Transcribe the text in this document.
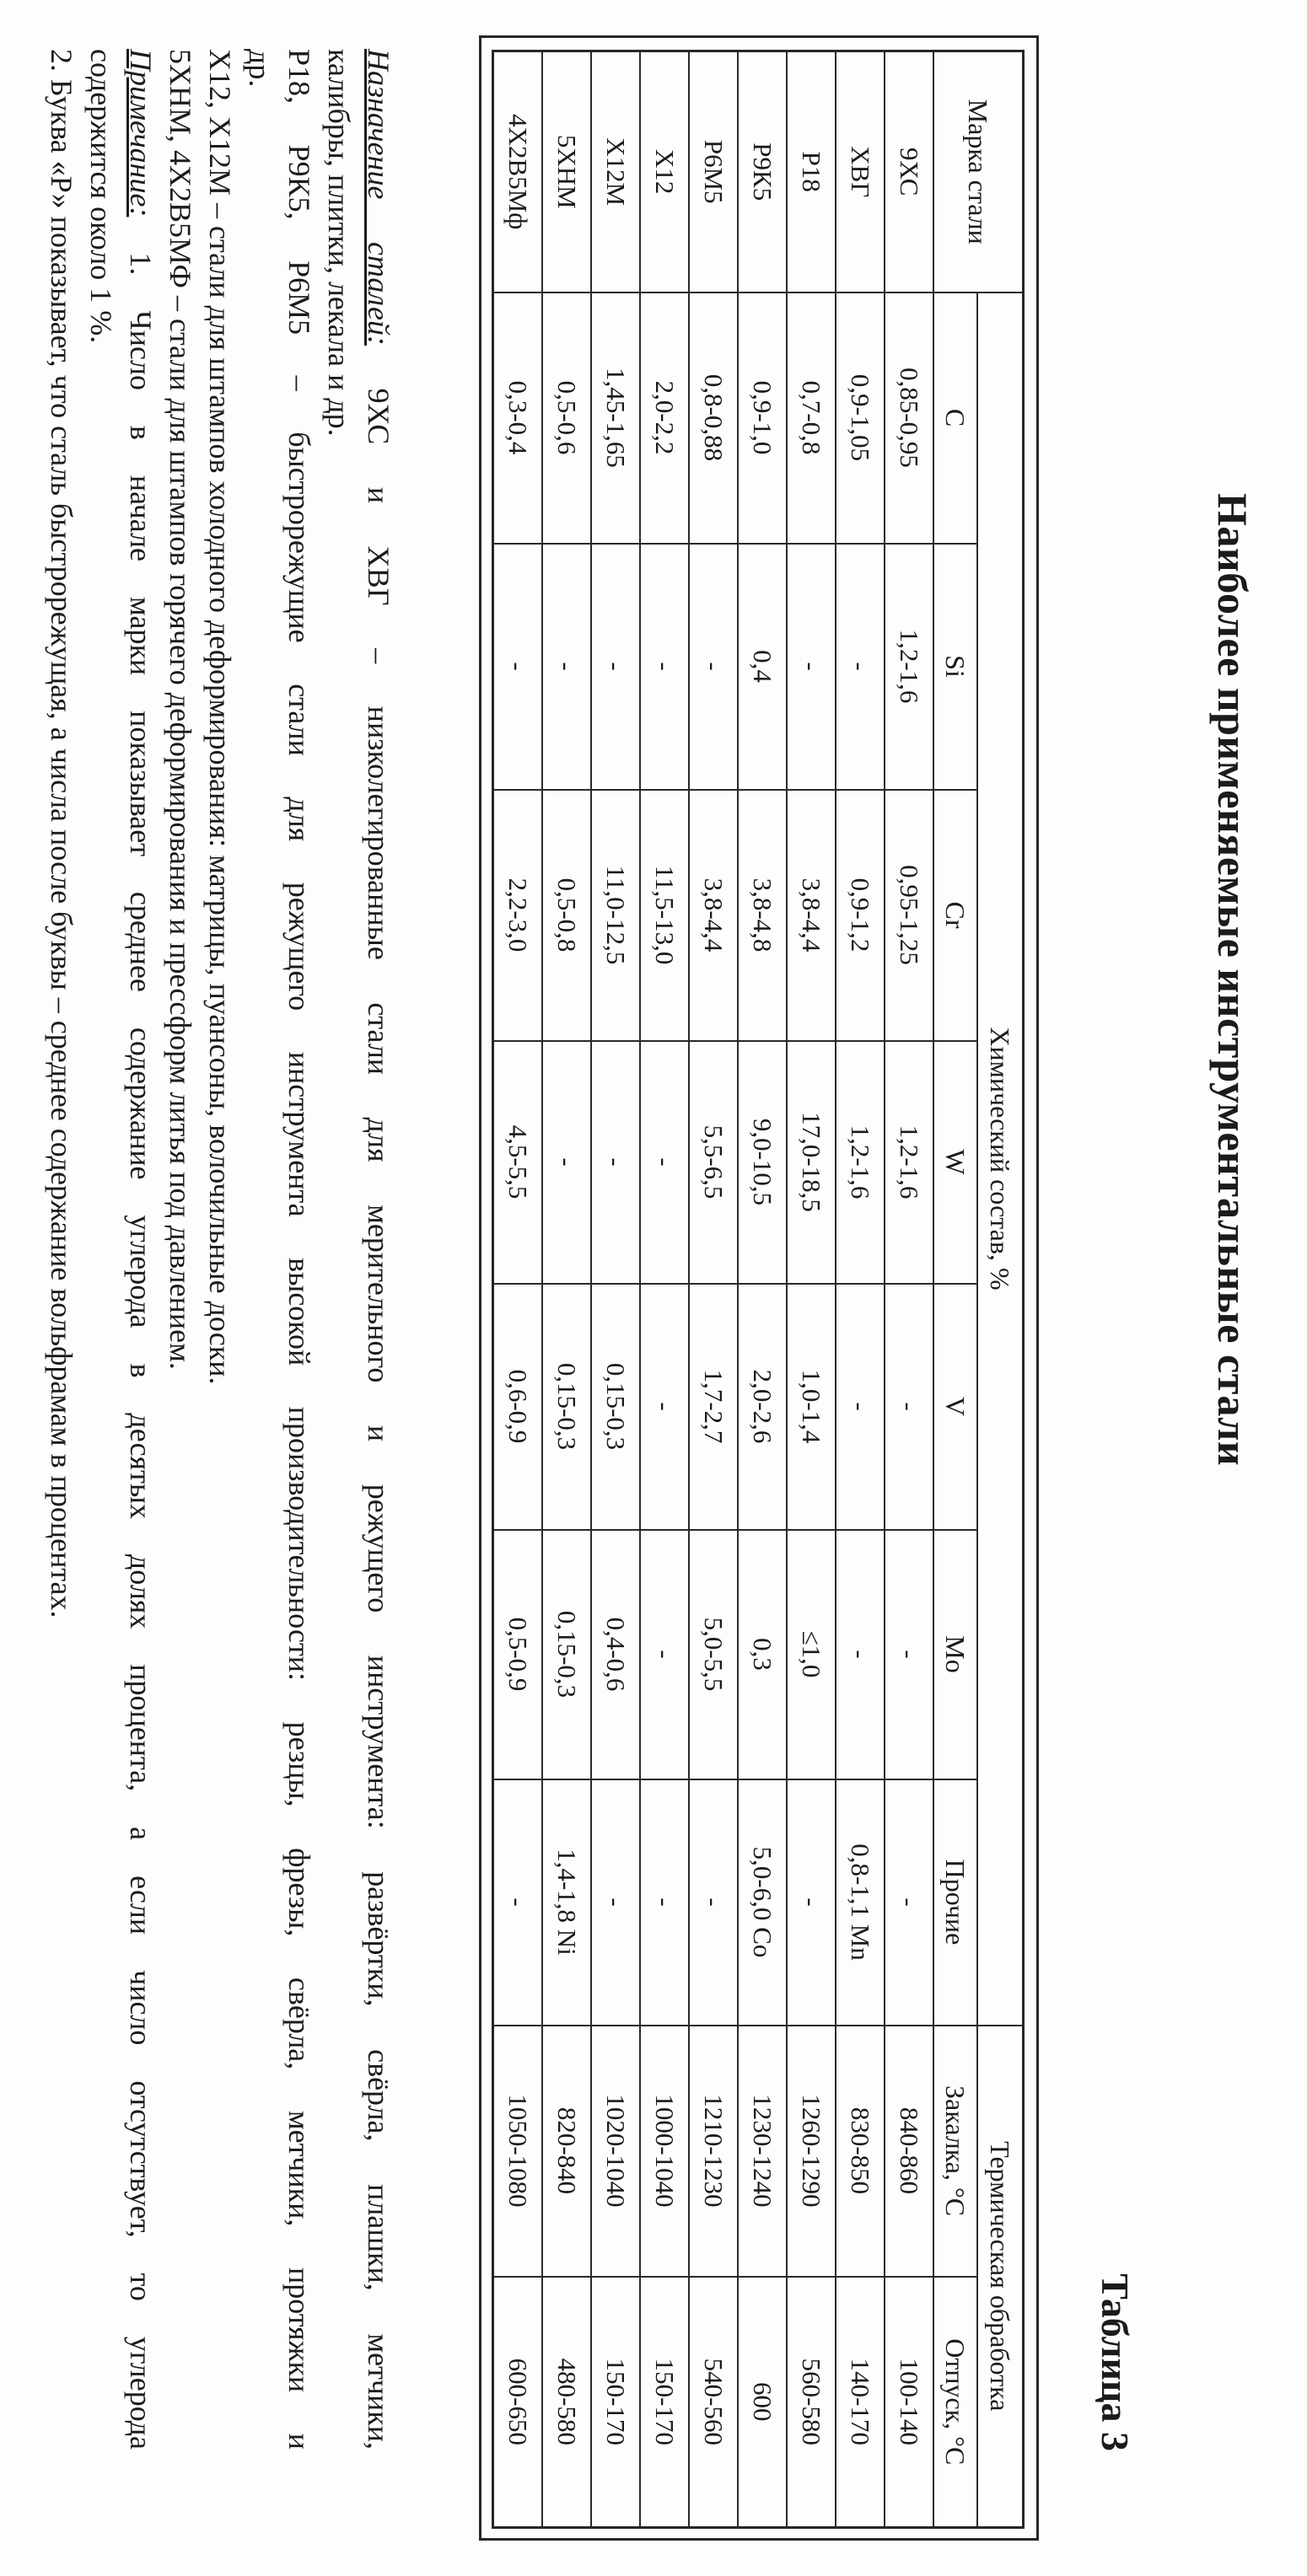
Наиболее применяемые инструментальные стали
Таблица 3
Марка стали	Химический состав, %							Термическая обработка	
	С	Si	Cr	W	V	Mo	Прочие	Закалка, °С	Отпуск, °С
9ХС	0,85-0,95	1,2-1,6	0,95-1,25	1,2-1,6	-	-	-	840-860	100-140
ХВГ	0,9-1,05	-	0,9-1,2	1,2-1,6	-	-	0,8-1,1 Mn	830-850	140-170
Р18	0,7-0,8	-	3,8-4,4	17,0-18,5	1,0-1,4	≤1,0	-	1260-1290	560-580
Р9К5	0,9-1,0	0,4	3,8-4,8	9,0-10,5	2,0-2,6	0,3	5,0-6,0 Co	1230-1240	600
Р6М5	0,8-0,88	-	3,8-4,4	5,5-6,5	1,7-2,7	5,0-5,5	-	1210-1230	540-560
Х12	2,0-2,2	-	11,5-13,0	-	-	-	-	1000-1040	150-170
Х12М	1,45-1,65	-	11,0-12,5	-	0,15-0,3	0,4-0,6	-	1020-1040	150-170
5ХНМ	0,5-0,6	-	0,5-0,8	-	0,15-0,3	0,15-0,3	1,4-1,8 Ni	820-840	480-580
4Х2В5Мф	0,3-0,4	-	2,2-3,0	4,5-5,5	0,6-0,9	0,5-0,9	-	1050-1080	600-650
Назначение сталей: 9ХС и ХВГ – низколегированные стали для мерительного и режущего инструмента: развёртки, свёрла, плашки, метчики,
калибры, плитки, лекала и др.
Р18, Р9К5, Р6М5 – быстрорежущие стали для режущего инструмента высокой производительности: резцы, фрезы, свёрла, метчики, протяжки и
др.
Х12, Х12М – стали для штампов холодного деформирования: матрицы, пуансоны, волочильные доски.
5ХНМ, 4Х2В5МФ – стали для штампов горячего деформирования и прессформ литья под давлением.
Примечание: 1. Число в начале марки показывает среднее содержание углерода в десятых долях процента, а если число отсутствует, то углерода
содержится около 1 %.
2. Буква «Р» показывает, что сталь быстрорежущая, а числа после буквы – среднее содержание вольфрамам в процентах.
